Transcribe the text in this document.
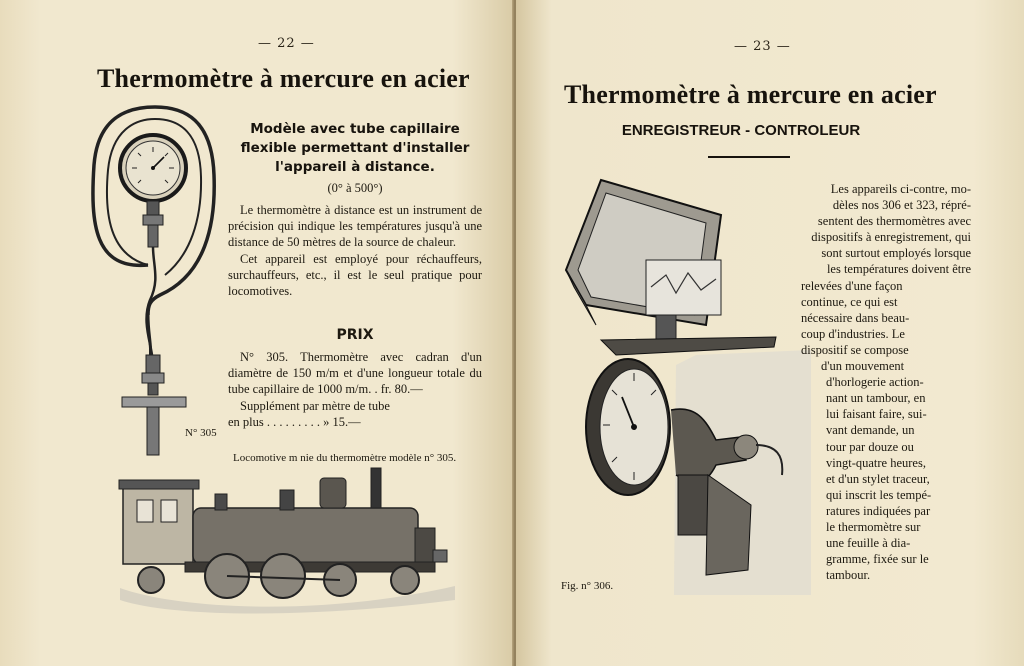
— 22 —
Thermomètre à mercure en acier
N° 305
Modèle avec tube capillaire
flexible permettant d'installer
l'appareil à distance.
(0° à 500°)

Le thermomètre à distance est un instrument de précision qui indique les températures jusqu'à une distance de 50 mètres de la source de chaleur.

Cet appareil est employé pour réchauffeurs, surchauffeurs, etc., il est le seul pratique pour locomotives.

PRIX

N° 305. Thermomètre avec cadran d'un diamètre de 150 m/m et d'une longueur totale du tube capillaire de 1000 m/m. . fr. 80.—

Supplément par mètre de tube

en plus . . . . . . . . . » 15.—

Locomotive m nie du thermomètre modèle n° 305.
— 23 —
Thermomètre à mercure en acier
ENREGISTREUR - CONTROLEUR
Fig. n° 306.
Les appareils ci-contre, mo-
dèles nos 306 et 323, répré-
sentent des thermomètres avec
dispositifs à enregistrement, qui
sont surtout employés lorsque
les températures doivent être
relevées d'une façon
continue, ce qui est
nécessaire dans beau-
coup d'industries. Le
dispositif se compose
d'un mouvement
d'horlogerie action-
nant un tambour, en
lui faisant faire, sui-
vant demande, un
tour par douze ou
vingt-quatre heures,
et d'un stylet traceur,
qui inscrit les tempé-
ratures indiquées par
le thermomètre sur
une feuille à dia-
gramme, fixée sur le
tambour.
